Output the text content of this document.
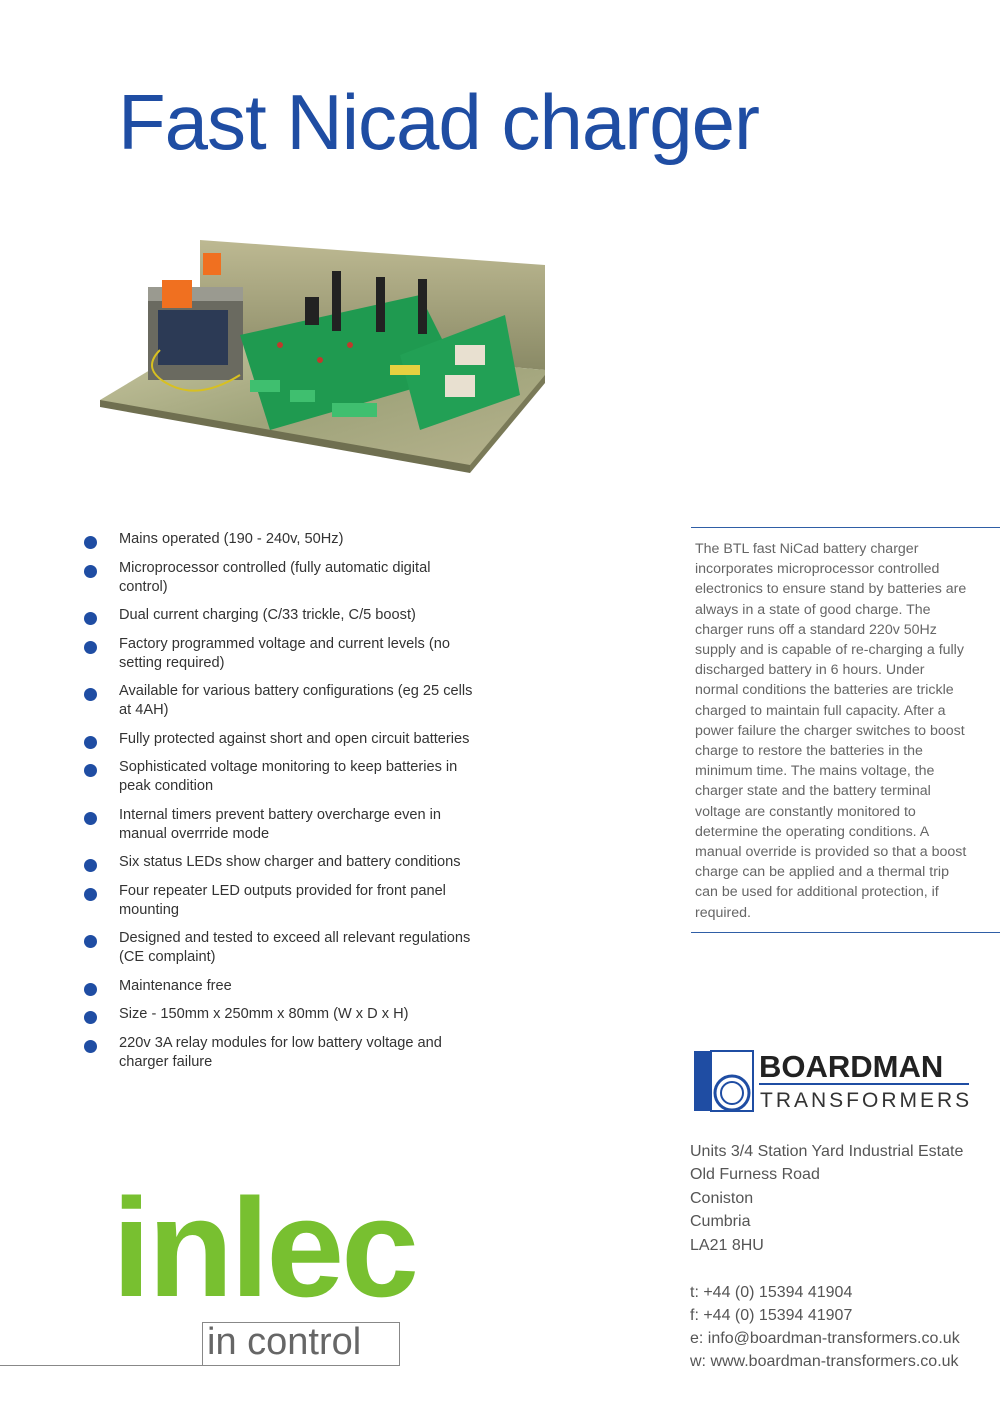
Fast Nicad charger
Mains operated (190 - 240v, 50Hz)
Microprocessor controlled (fully automatic digital control)
Dual current charging (C/33 trickle, C/5 boost)
Factory programmed voltage and current levels (no setting required)
Available for various battery configurations (eg 25 cells at 4AH)
Fully protected against short and open circuit batteries
Sophisticated voltage monitoring to keep batteries in peak condition
Internal timers prevent battery overcharge even in manual overrride mode
Six status LEDs show charger and battery conditions
Four repeater LED outputs provided for front panel mounting
Designed and tested to exceed all relevant regulations (CE complaint)
Maintenance free
Size - 150mm x 250mm x 80mm (W x D x H)
220v 3A relay modules for low battery voltage and charger failure

The BTL fast NiCad battery charger incorporates microprocessor controlled electronics to ensure stand by batteries are always in a state of good charge. The charger runs off a standard 220v 50Hz supply and is capable of re-charging a fully discharged battery in 6 hours. Under normal conditions the batteries are trickle charged to maintain full capacity. After a power failure the charger switches to boost charge to restore the batteries in the minimum time. The mains voltage, the charger state and the battery terminal voltage are constantly monitored to determine the operating conditions. A manual override is provided so that a boost charge can be applied and a thermal trip can be used for additional protection, if required.

BOARDMAN
TRANSFORMERS
Units 3/4 Station Yard Industrial Estate
Old Furness Road
Coniston
Cumbria
LA21 8HU
t: +44 (0) 15394 41904
f: +44 (0) 15394 41907
e: info@boardman-transformers.co.uk
w: www.boardman-transformers.co.uk
inlec

in control
